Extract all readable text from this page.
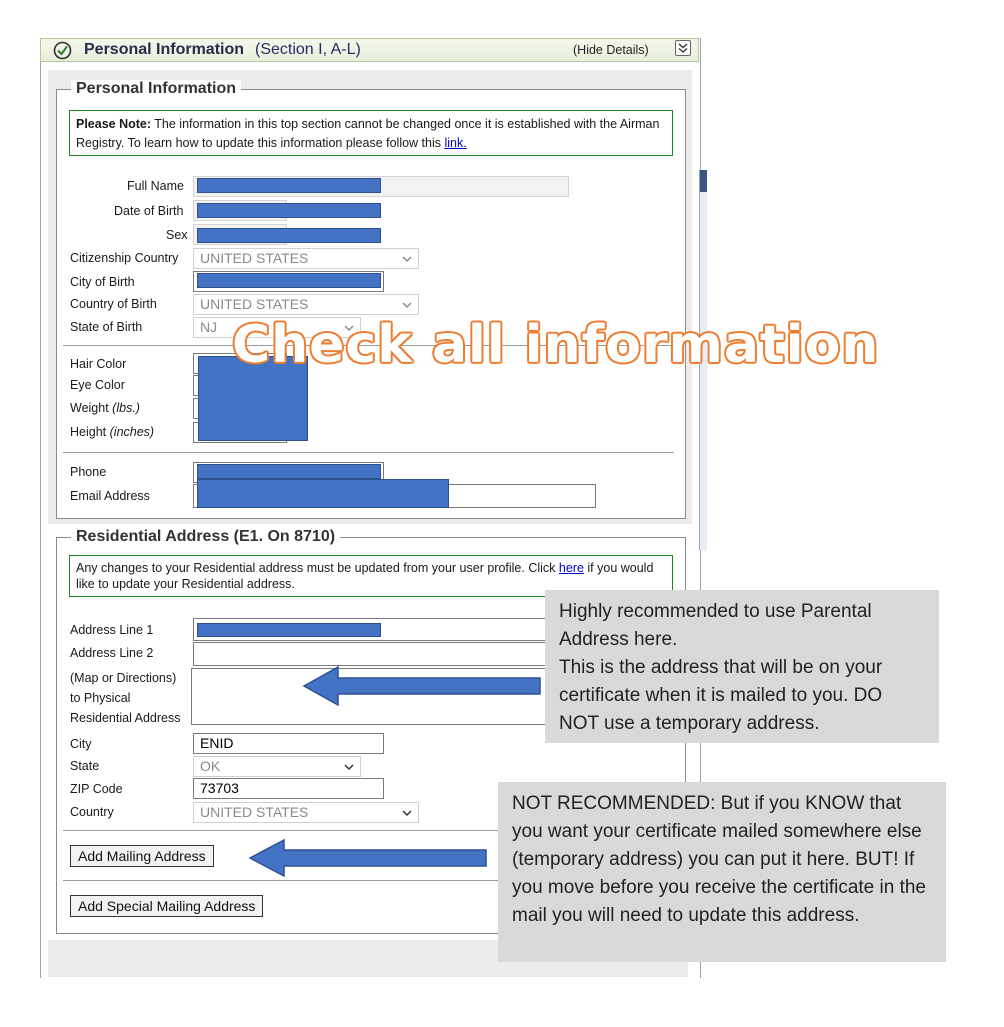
Personal Information (Section I, A-L)	(Hide Details)
Personal Information
Please Note: The information in this top section cannot be changed once it is established with the Airman Registry. To learn how to update this information please follow this link.
Full Name
Date of Birth
Sex
Citizenship Country	UNITED STATES
City of Birth
Country of Birth	UNITED STATES
State of Birth	NJ
Hair Color
Eye Color
Weight (lbs.)
Height (inches)
Phone
Email Address
Check all information
Residential Address (E1. On 8710)
Any changes to your Residential address must be updated from your user profile. Click here if you would like to update your Residential address.
Address Line 1
Address Line 2
(Map or Directions)
to Physical
Residential Address
City	ENID
State	OK
ZIP Code	73703
Country	UNITED STATES
Add Mailing Address
Add Special Mailing Address
Highly recommended to use Parental Address here.
This is the address that will be on your certificate when it is mailed to you. DO NOT use a temporary address.
NOT RECOMMENDED: But if you KNOW that you want your certificate mailed somewhere else (temporary address) you can put it here. BUT! If you move before you receive the certificate in the mail you will need to update this address.
